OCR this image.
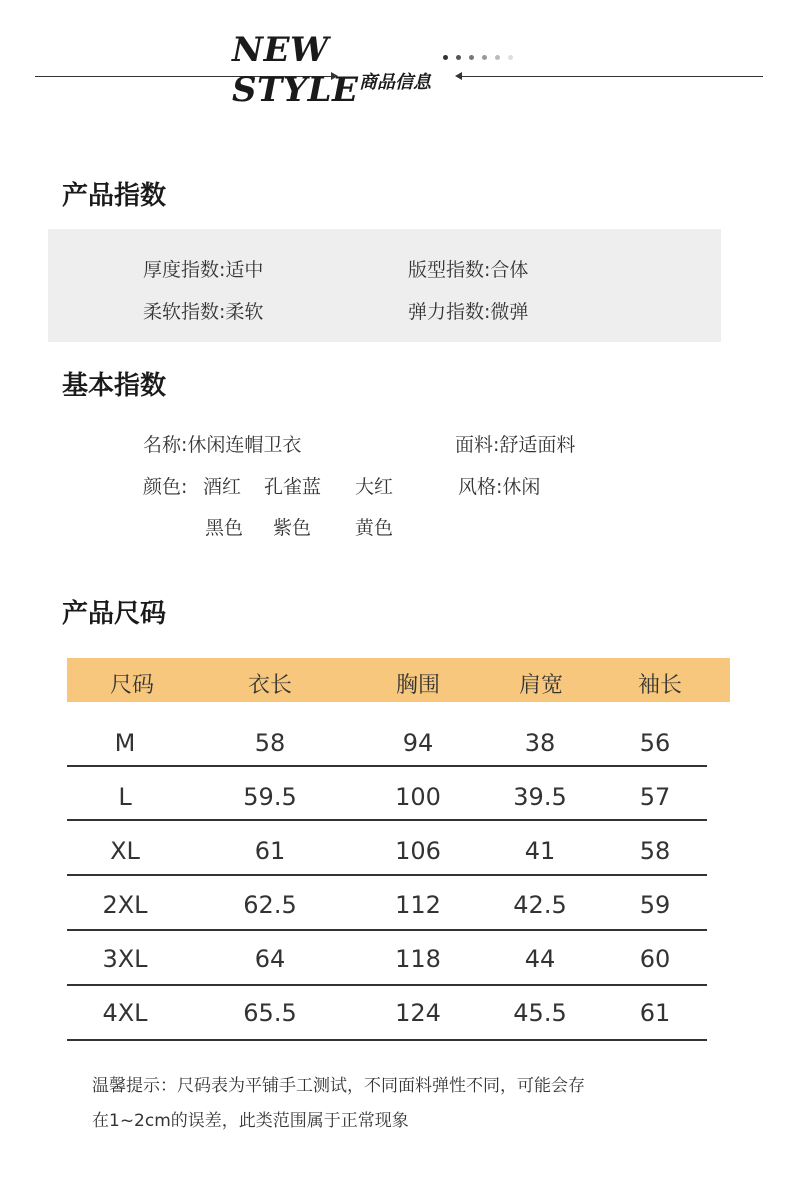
NEW STYLE 商品信息
产品指数
厚度指数:适中	版型指数:合体
柔软指数:柔软	弹力指数:微弹
基本指数
名称:休闲连帽卫衣	面料:舒适面料
颜色: 酒红 孔雀蓝 大红
黑色 紫色 黄色
风格:休闲
产品尺码
尺码	衣长	胸围	肩宽	袖长
M	58	94	38	56
L	59.5	100	39.5	57
XL	61	106	41	58
2XL	62.5	112	42.5	59
3XL	64	118	44	60
4XL	65.5	124	45.5	61
温馨提示：尺码表为平铺手工测试，不同面料弹性不同，可能会存
在1~2cm的误差，此类范围属于正常现象
